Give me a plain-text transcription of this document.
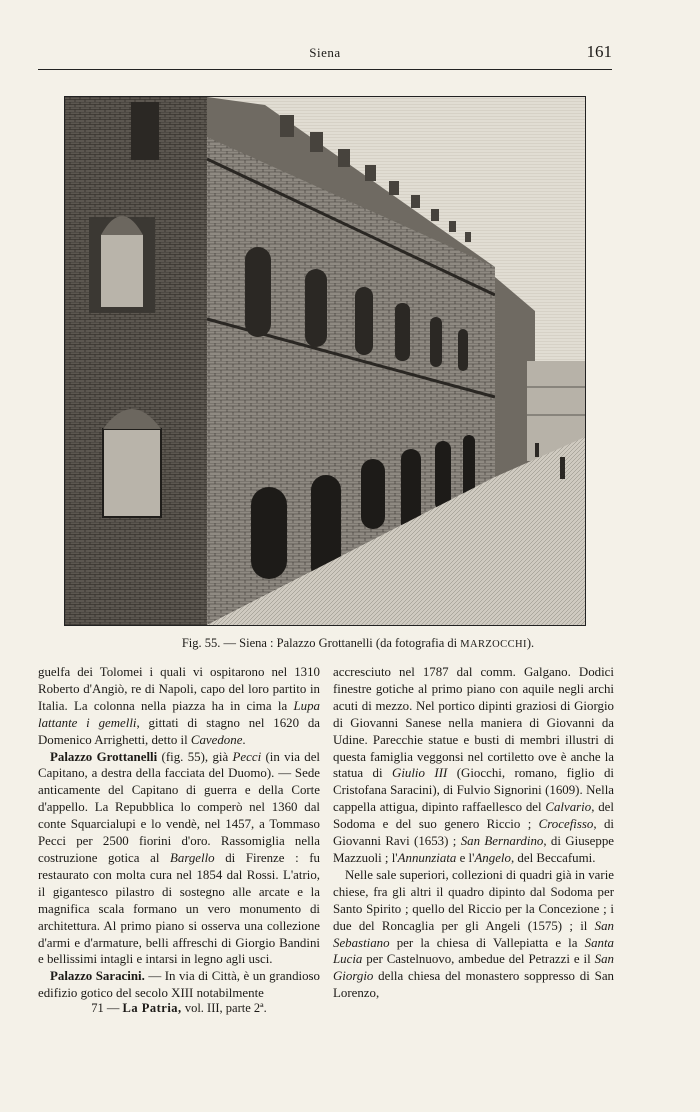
Siena	161
Fig. 55. — Siena : Palazzo Grottanelli (da fotografia di MARZOCCHI).

guelfa dei Tolomei i quali vi ospitarono nel 1310 Roberto d'Angiò, re di Napoli, capo del loro partito in Italia. La colonna nella piazza ha in cima la Lupa lattante i gemelli, gittati di stagno nel 1620 da Domenico Arrighetti, detto il Cavedone.

Palazzo Grottanelli (fig. 55), già Pecci (in via del Capitano, a destra della facciata del Duomo). — Sede anticamente del Capitano di guerra e della Corte d'appello. La Repubblica lo comperò nel 1360 dal conte Squarcialupi e lo vendè, nel 1457, a Tommaso Pecci per 2500 fiorini d'oro. Rassomiglia nella costruzione gotica al Bargello di Firenze : fu restaurato con molta cura nel 1854 dal Rossi. L'atrio, il gigantesco pilastro di sostegno alle arcate e la magnifica scala formano un vero monumento di architettura. Al primo piano si osserva una collezione d'armi e d'armature, belli affreschi di Giorgio Bandini e bellissimi intagli e intarsi in legno agli usci.

Palazzo Saracini. — In via di Città, è un grandioso edifizio gotico del secolo XIII notabilmente

71 — La Patria, vol. III, parte 2ª.

accresciuto nel 1787 dal comm. Galgano. Dodici finestre gotiche al primo piano con aquile negli archi acuti di mezzo. Nel portico dipinti graziosi di Giorgio di Giovanni Sanese nella maniera di Giovanni da Udine. Parecchie statue e busti di membri illustri di questa famiglia veggonsi nel cortiletto ove è anche la statua di Giulio III (Giocchi, romano, figlio di Cristofana Saracini), di Fulvio Signorini (1609). Nella cappella attigua, dipinto raffaellesco del Calvario, del Sodoma e del suo genero Riccio ; Crocefisso, di Giovanni Ravi (1653) ; San Bernardino, di Giuseppe Mazzuoli ; l'Annunziata e l'Angelo, del Beccafumi.

Nelle sale superiori, collezioni di quadri già in varie chiese, fra gli altri il quadro dipinto dal Sodoma per Santo Spirito ; quello del Riccio per la Concezione ; i due del Roncaglia per gli Angeli (1575) ; il San Sebastiano per la chiesa di Vallepiatta e la Santa Lucia per Castelnuovo, ambedue del Petrazzi e il San Giorgio della chiesa del monastero soppresso di San Lorenzo,
